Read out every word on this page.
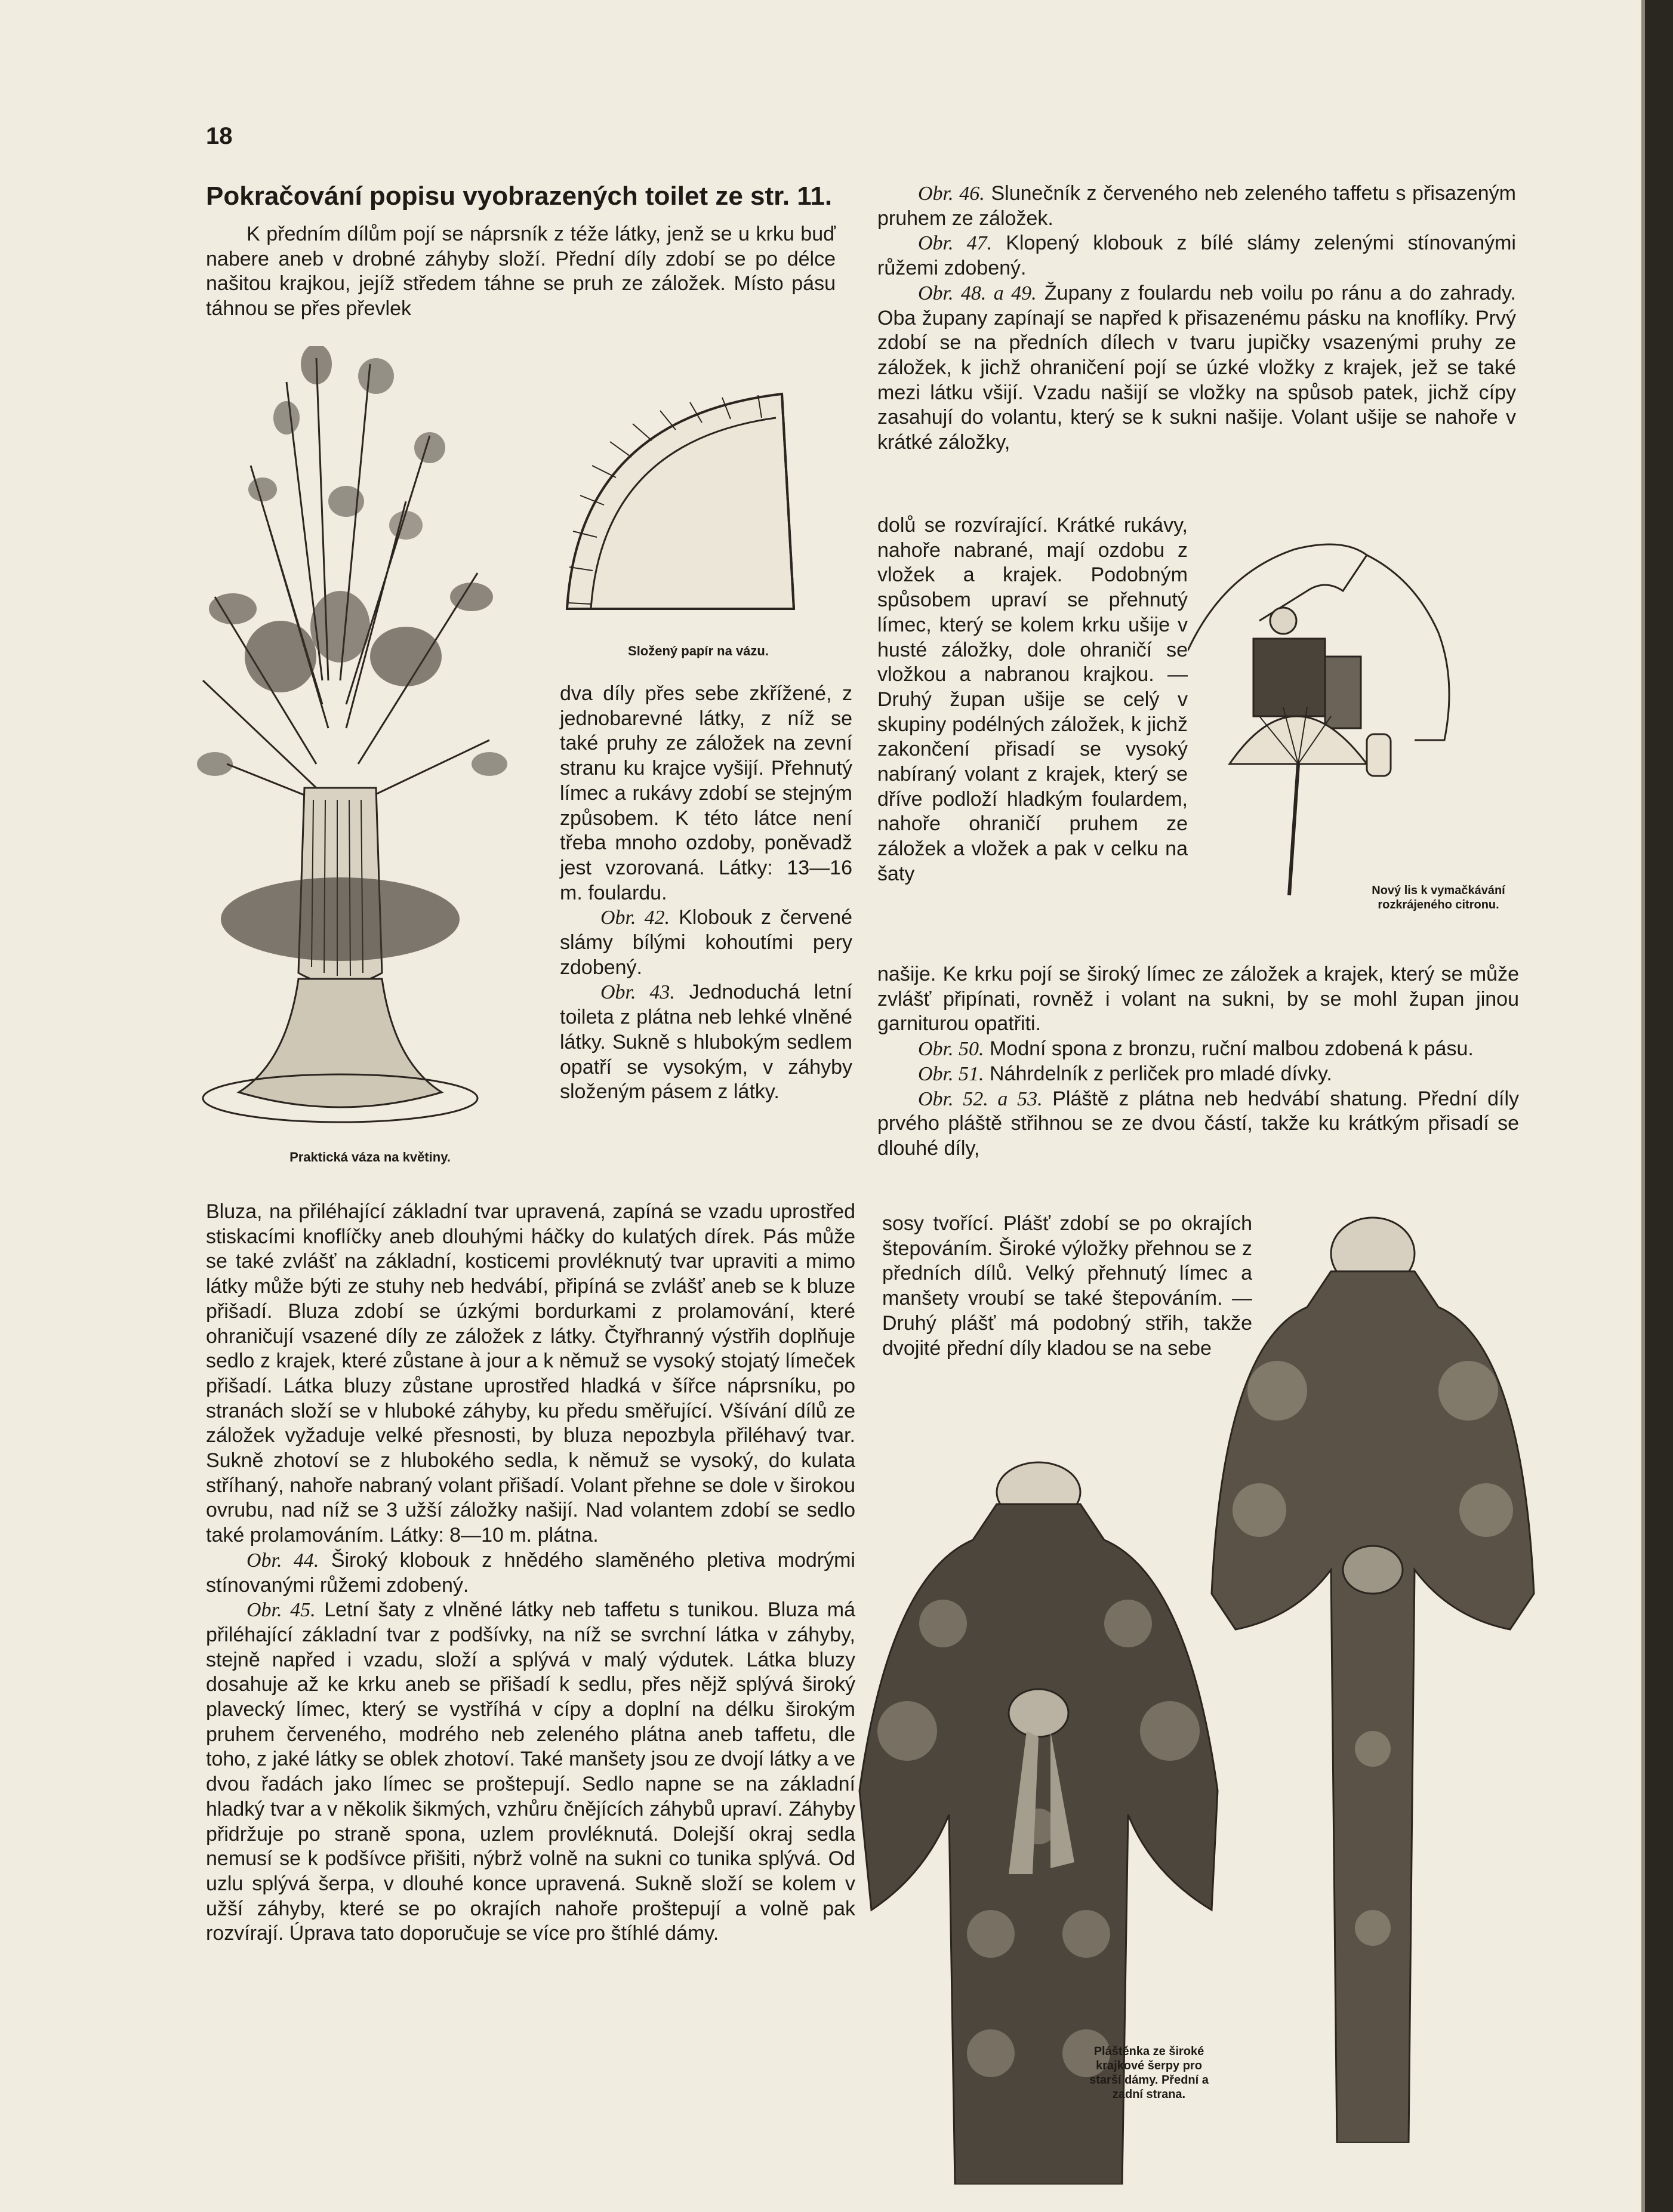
18
Pokračování popisu vyobrazených toilet ze str. 11.

K předním dílům pojí se náprsník z téže látky, jenž se u krku buď nabere aneb v drobné záhyby složí. Přední díly zdobí se po délce našitou krajkou, jejíž středem táhne se pruh ze záložek. Místo pásu táhnou se přes převlek

Praktická váza na květiny.
Složený papír na vázu.

dva díly přes sebe zkřížené, z jednobarevné látky, z níž se také pruhy ze záložek na zevní stranu ku krajce vyšijí. Přehnutý límec a rukávy zdobí se stejným způsobem. K této látce není třeba mnoho ozdoby, poněvadž jest vzorovaná. Látky: 13—16 m. foulardu.

Obr. 42. Klobouk z červené slámy bílými kohoutími pery zdobený.

Obr. 43. Jednoduchá letní toileta z plátna neb lehké vlněné látky. Sukně s hlubokým sedlem opatří se vysokým, v záhyby složeným pásem z látky.

Bluza, na přiléhající základní tvar upravená, zapíná se vzadu uprostřed stiskacími knoflíčky aneb dlouhými háčky do kulatých dírek. Pás může se také zvlášť na základní, kosticemi provléknutý tvar upraviti a mimo látky může býti ze stuhy neb hedvábí, připíná se zvlášť aneb se k bluze přišadí. Bluza zdobí se úzkými bordurkami z prolamování, které ohraničují vsazené díly ze záložek z látky. Čtyřhranný výstřih doplňuje sedlo z krajek, které zůstane à jour a k němuž se vysoký stojatý límeček přišadí. Látka bluzy zůstane uprostřed hladká v šířce náprsníku, po stranách složí se v hluboké záhyby, ku předu směřující. Všívání dílů ze záložek vyžaduje velké přesnosti, by bluza nepozbyla přiléhavý tvar. Sukně zhotoví se z hlubokého sedla, k němuž se vysoký, do kulata stříhaný, nahoře nabraný volant přišadí. Volant přehne se dole v širokou ovrubu, nad níž se 3 užší záložky našijí. Nad volantem zdobí se sedlo také prolamováním. Látky: 8—10 m. plátna.

Obr. 44. Široký klobouk z hnědého slaměného pletiva modrými stínovanými růžemi zdobený.

Obr. 45. Letní šaty z vlněné látky neb taffetu s tunikou. Bluza má přiléhající základní tvar z podšívky, na níž se svrchní látka v záhyby, stejně napřed i vzadu, složí a splývá v malý výdutek. Látka bluzy dosahuje až ke krku aneb se přišadí k sedlu, přes nějž splývá široký plavecký límec, který se vystříhá v cípy a doplní na délku širokým pruhem červeného, modrého neb zeleného plátna aneb taffetu, dle toho, z jaké látky se oblek zhotoví. Také manšety jsou ze dvojí látky a ve dvou řadách jako límec se proštepují. Sedlo napne se na základní hladký tvar a v několik šikmých, vzhůru čnějících záhybů upraví. Záhyby přidržuje po straně spona, uzlem provléknutá. Dolejší okraj sedla nemusí se k podšívce přišiti, nýbrž volně na sukni co tunika splývá. Od uzlu splývá šerpa, v dlouhé konce upravená. Sukně složí se kolem v užší záhyby, které se po okrajích nahoře proštepují a volně pak rozvírají. Úprava tato doporučuje se více pro štíhlé dámy.

Obr. 46. Slunečník z červeného neb zeleného taffetu s přisazeným pruhem ze záložek.

Obr. 47. Klopený klobouk z bílé slámy zelenými stínovanými růžemi zdobený.

Obr. 48. a 49. Župany z foulardu neb voilu po ránu a do zahrady. Oba župany zapínají se napřed k přisazenému pásku na knoflíky. Prvý zdobí se na předních dílech v tvaru jupičky vsazenými pruhy ze záložek, k jichž ohraničení pojí se úzké vložky z krajek, jež se také mezi látku všijí. Vzadu našijí se vložky na spůsob patek, jichž cípy zasahují do volantu, který se k sukni našije. Volant ušije se nahoře v krátké záložky,

dolů se rozvírající. Krátké rukávy, nahoře nabrané, mají ozdobu z vložek a krajek. Podobným spůsobem upraví se přehnutý límec, který se kolem krku ušije v husté záložky, dole ohraničí se vložkou a nabranou krajkou. — Druhý župan ušije se celý v skupiny podélných záložek, k jichž zakončení přisadí se vysoký nabíraný volant z krajek, který se dříve podloží hladkým foulardem, nahoře ohraničí pruhem ze záložek a vložek a pak v celku na šaty

Nový lis k vymačkávání rozkrájeného citronu.

našije. Ke krku pojí se široký límec ze záložek a krajek, který se může zvlášť připínati, rovněž i volant na sukni, by se mohl župan jinou garniturou opatřiti.

Obr. 50. Modní spona z bronzu, ruční malbou zdobená k pásu.

Obr. 51. Náhrdelník z perliček pro mladé dívky.

Obr. 52. a 53. Pláště z plátna neb hedvábí shatung. Přední díly prvého pláště střihnou se ze dvou částí, takže ku krátkým přisadí se dlouhé díly,

sosy tvořící. Plášť zdobí se po okrajích štepováním. Široké výložky přehnou se z předních dílů. Velký přehnutý límec a manšety vroubí se také štepováním. — Druhý plášť má podobný střih, takže dvojité přední díly kladou se na sebe

Pláštěnka ze široké krajkové šerpy pro starší dámy. Přední a zadní strana.
